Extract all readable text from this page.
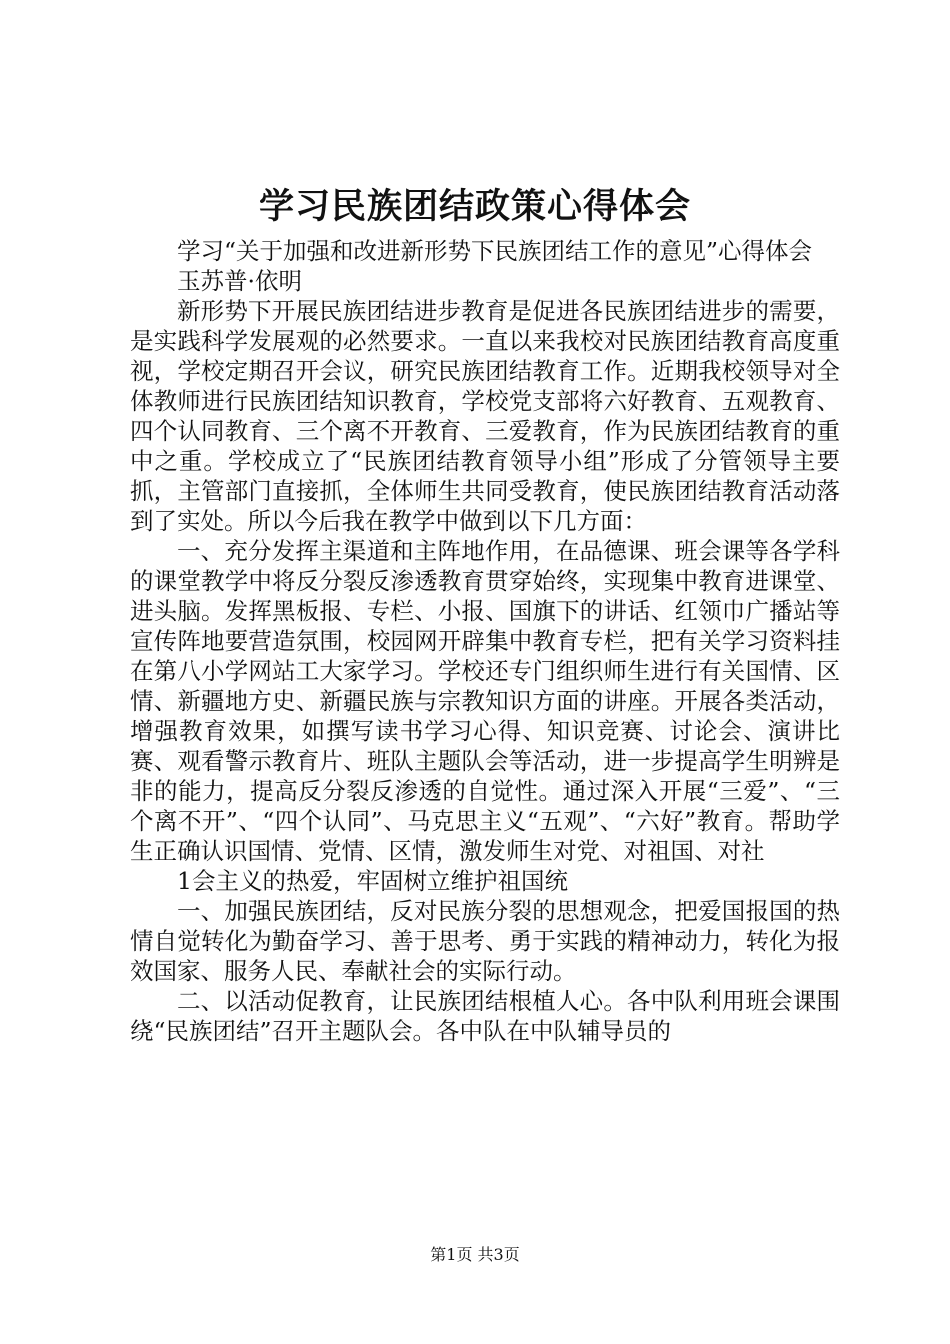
学习民族团结政策心得体会

学习“关于加强和改进新形势下民族团结工作的意见”心得体会

玉苏普·依明

新形势下开展民族团结进步教育是促进各民族团结进步的需要，是实践科学发展观的必然要求。一直以来我校对民族团结教育高度重视，学校定期召开会议，研究民族团结教育工作。近期我校领导对全体教师进行民族团结知识教育，学校党支部将六好教育、五观教育、四个认同教育、三个离不开教育、三爱教育，作为民族团结教育的重中之重。学校成立了“民族团结教育领导小组”形成了分管领导主要抓，主管部门直接抓，全体师生共同受教育，使民族团结教育活动落到了实处。所以今后我在教学中做到以下几方面：

一、充分发挥主渠道和主阵地作用，在品德课、班会课等各学科的课堂教学中将反分裂反渗透教育贯穿始终，实现集中教育进课堂、进头脑。发挥黑板报、专栏、小报、国旗下的讲话、红领巾广播站等宣传阵地要营造氛围，校园网开辟集中教育专栏，把有关学习资料挂在第八小学网站工大家学习。学校还专门组织师生进行有关国情、区情、新疆地方史、新疆民族与宗教知识方面的讲座。开展各类活动，增强教育效果，如撰写读书学习心得、知识竞赛、讨论会、演讲比赛、观看警示教育片、班队主题队会等活动，进一步提高学生明辨是非的能力，提高反分裂反渗透的自觉性。通过深入开展“三爱”、“三个离不开”、“四个认同”、马克思主义“五观”、“六好”教育。帮助学生正确认识国情、党情、区情，激发师生对党、对祖国、对社

1会主义的热爱，牢固树立维护祖国统

一、加强民族团结，反对民族分裂的思想观念，把爱国报国的热情自觉转化为勤奋学习、善于思考、勇于实践的精神动力，转化为报效国家、服务人民、奉献社会的实际行动。

二、以活动促教育，让民族团结根植人心。各中队利用班会课围绕“民族团结”召开主题队会。各中队在中队辅导员的

第1页 共3页
